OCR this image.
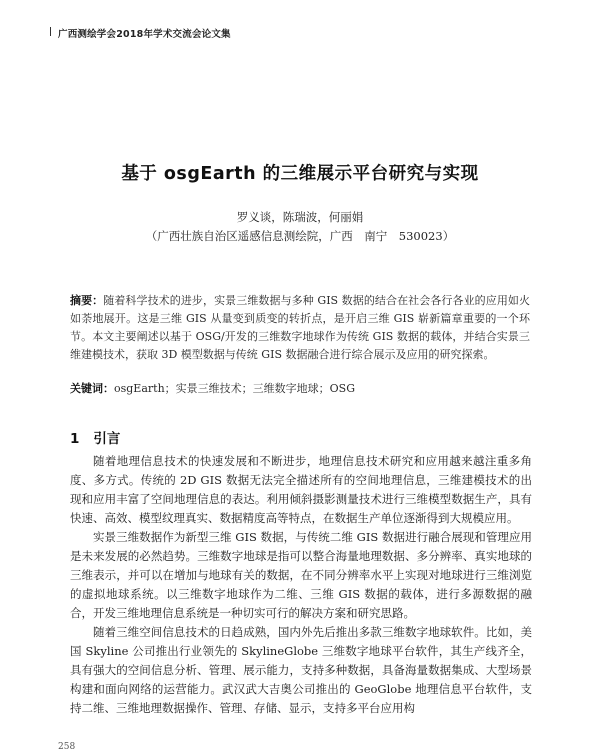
广西测绘学会2018年学术交流会论文集
基于 osgEarth 的三维展示平台研究与实现
罗义谈，陈瑞波，何丽娟
（广西壮族自治区遥感信息测绘院，广西　南宁　530023）
摘要：随着科学技术的进步，实景三维数据与多种 GIS 数据的结合在社会各行各业的应用如火如荼地展开。这是三维 GIS 从量变到质变的转折点，是开启三维 GIS 崭新篇章重要的一个环节。本文主要阐述以基于 OSG/开发的三维数字地球作为传统 GIS 数据的载体，并结合实景三维建模技术，获取 3D 模型数据与传统 GIS 数据融合进行综合展示及应用的研究探索。
关键词：osgEarth；实景三维技术；三维数字地球；OSG
1 引言

随着地理信息技术的快速发展和不断进步，地理信息技术研究和应用越来越注重多角度、多方式。传统的 2D GIS 数据无法完全描述所有的空间地理信息，三维建模技术的出现和应用丰富了空间地理信息的表达。利用倾斜摄影测量技术进行三维模型数据生产，具有快速、高效、模型纹理真实、数据精度高等特点，在数据生产单位逐渐得到大规模应用。

实景三维数据作为新型三维 GIS 数据，与传统二维 GIS 数据进行融合展现和管理应用是未来发展的必然趋势。三维数字地球是指可以整合海量地理数据、多分辨率、真实地球的三维表示，并可以在增加与地球有关的数据，在不同分辨率水平上实现对地球进行三维浏览的虚拟地球系统。以三维数字地球作为二维、三维 GIS 数据的载体，进行多源数据的融合，开发三维地理信息系统是一种切实可行的解决方案和研究思路。

随着三维空间信息技术的日趋成熟，国内外先后推出多款三维数字地球软件。比如，美国 Skyline 公司推出行业领先的 SkylineGlobe 三维数字地球平台软件，其生产线齐全，具有强大的空间信息分析、管理、展示能力，支持多种数据，具备海量数据集成、大型场景构建和面向网络的运营能力。武汉武大吉奥公司推出的 GeoGlobe 地理信息平台软件，支持二维、三维地理数据操作、管理、存储、显示，支持多平台应用构

258
